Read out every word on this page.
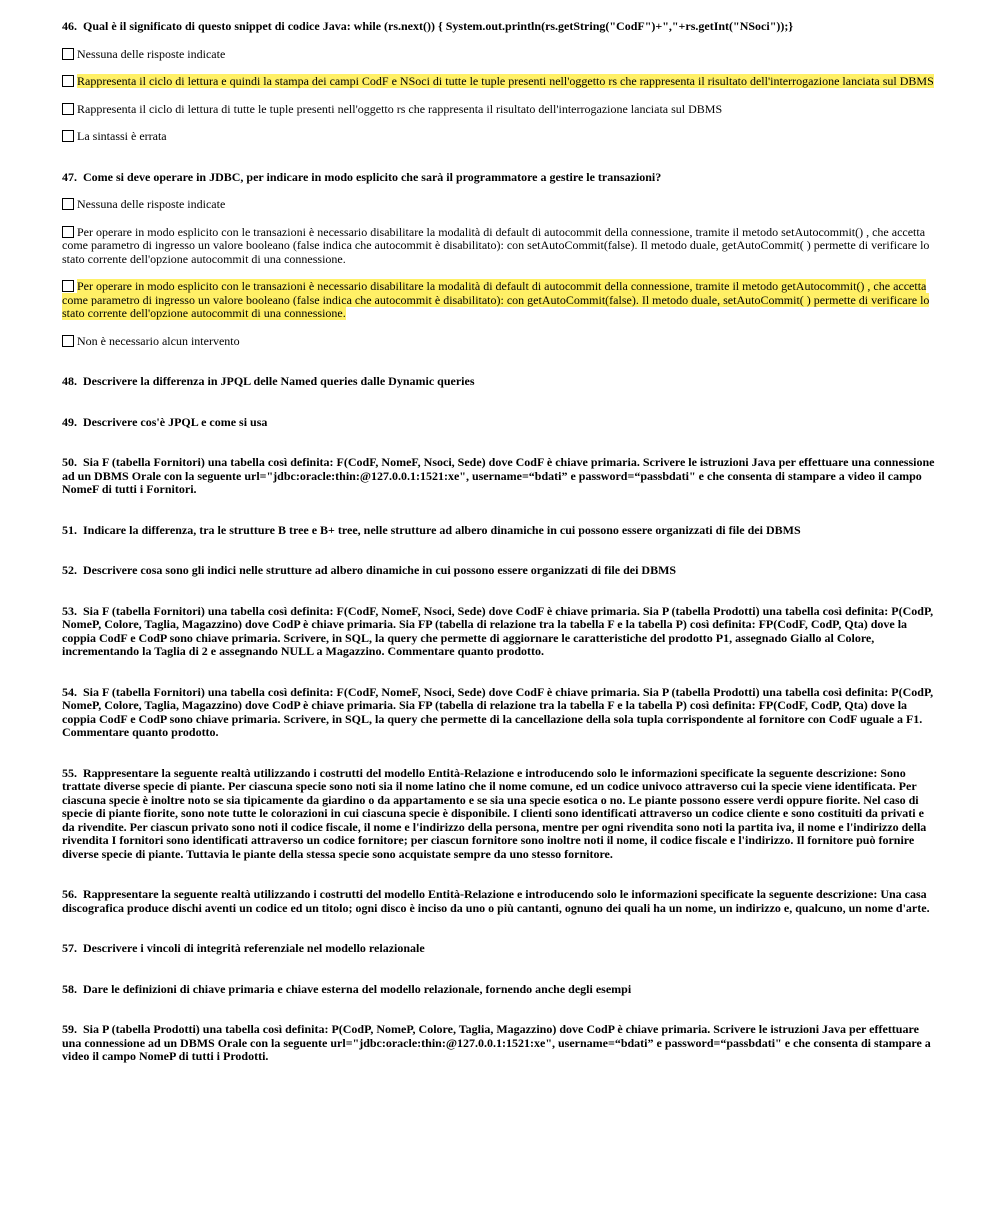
46. Qual è il significato di questo snippet di codice Java: while (rs.next()) { System.out.println(rs.getString("CodF")+","+rs.getInt("NSoci"));}

Nessuna delle risposte indicate
Rappresenta il ciclo di lettura e quindi la stampa dei campi CodF e NSoci di tutte le tuple presenti nell'oggetto rs che rappresenta il risultato dell'interrogazione lanciata sul DBMS
Rappresenta il ciclo di lettura di tutte le tuple presenti nell'oggetto rs che rappresenta il risultato dell'interrogazione lanciata sul DBMS
La sintassi è errata

47. Come si deve operare in JDBC, per indicare in modo esplicito che sarà il programmatore a gestire le transazioni?

Nessuna delle risposte indicate
Per operare in modo esplicito con le transazioni è necessario disabilitare la modalità di default di autocommit della connessione, tramite il metodo setAutocommit() , che accetta come parametro di ingresso un valore booleano (false indica che autocommit è disabilitato): con setAutoCommit(false). Il metodo duale, getAutoCommit( ) permette di verificare lo stato corrente dell'opzione autocommit di una connessione.
Per operare in modo esplicito con le transazioni è necessario disabilitare la modalità di default di autocommit della connessione, tramite il metodo getAutocommit() , che accetta come parametro di ingresso un valore booleano (false indica che autocommit è disabilitato): con getAutoCommit(false). Il metodo duale, setAutoCommit( ) permette di verificare lo stato corrente dell'opzione autocommit di una connessione.
Non è necessario alcun intervento

48. Descrivere la differenza in JPQL delle Named queries dalle Dynamic queries

49. Descrivere cos'è JPQL e come si usa

50. Sia F (tabella Fornitori) una tabella così definita: F(CodF, NomeF, Nsoci, Sede) dove CodF è chiave primaria. Scrivere le istruzioni Java per effettuare una connessione ad un DBMS Orale con la seguente url="jdbc:oracle:thin:@127.0.0.1:1521:xe", username=“bdati” e password=“passbdati" e che consenta di stampare a video il campo NomeF di tutti i Fornitori.

51. Indicare la differenza, tra le strutture B tree e B+ tree, nelle strutture ad albero dinamiche in cui possono essere organizzati di file dei DBMS

52. Descrivere cosa sono gli indici nelle strutture ad albero dinamiche in cui possono essere organizzati di file dei DBMS

53. Sia F (tabella Fornitori) una tabella così definita: F(CodF, NomeF, Nsoci, Sede) dove CodF è chiave primaria. Sia P (tabella Prodotti) una tabella così definita: P(CodP, NomeP, Colore, Taglia, Magazzino) dove CodP è chiave primaria. Sia FP (tabella di relazione tra la tabella F e la tabella P) così definita: FP(CodF, CodP, Qta) dove la coppia CodF e CodP sono chiave primaria. Scrivere, in SQL, la query che permette di aggiornare le caratteristiche del prodotto P1, assegnado Giallo al Colore, incrementando la Taglia di 2 e assegnando NULL a Magazzino. Commentare quanto prodotto.

54. Sia F (tabella Fornitori) una tabella così definita: F(CodF, NomeF, Nsoci, Sede) dove CodF è chiave primaria. Sia P (tabella Prodotti) una tabella così definita: P(CodP, NomeP, Colore, Taglia, Magazzino) dove CodP è chiave primaria. Sia FP (tabella di relazione tra la tabella F e la tabella P) così definita: FP(CodF, CodP, Qta) dove la coppia CodF e CodP sono chiave primaria. Scrivere, in SQL, la query che permette di la cancellazione della sola tupla corrispondente al fornitore con CodF uguale a F1. Commentare quanto prodotto.

55. Rappresentare la seguente realtà utilizzando i costrutti del modello Entità-Relazione e introducendo solo le informazioni specificate la seguente descrizione: Sono trattate diverse specie di piante. Per ciascuna specie sono noti sia il nome latino che il nome comune, ed un codice univoco attraverso cui la specie viene identificata. Per ciascuna specie è inoltre noto se sia tipicamente da giardino o da appartamento e se sia una specie esotica o no. Le piante possono essere verdi oppure fiorite. Nel caso di specie di piante fiorite, sono note tutte le colorazioni in cui ciascuna specie è disponibile. I clienti sono identificati attraverso un codice cliente e sono costituiti da privati e da rivendite. Per ciascun privato sono noti il codice fiscale, il nome e l'indirizzo della persona, mentre per ogni rivendita sono noti la partita iva, il nome e l'indirizzo della rivendita I fornitori sono identificati attraverso un codice fornitore; per ciascun fornitore sono inoltre noti il nome, il codice fiscale e l'indirizzo. Il fornitore può fornire diverse specie di piante. Tuttavia le piante della stessa specie sono acquistate sempre da uno stesso fornitore.

56. Rappresentare la seguente realtà utilizzando i costrutti del modello Entità-Relazione e introducendo solo le informazioni specificate la seguente descrizione: Una casa discografica produce dischi aventi un codice ed un titolo; ogni disco è inciso da uno o più cantanti, ognuno dei quali ha un nome, un indirizzo e, qualcuno, un nome d'arte.

57. Descrivere i vincoli di integrità referenziale nel modello relazionale

58. Dare le definizioni di chiave primaria e chiave esterna del modello relazionale, fornendo anche degli esempi

59. Sia P (tabella Prodotti) una tabella così definita: P(CodP, NomeP, Colore, Taglia, Magazzino) dove CodP è chiave primaria. Scrivere le istruzioni Java per effettuare una connessione ad un DBMS Orale con la seguente url="jdbc:oracle:thin:@127.0.0.1:1521:xe", username=“bdati” e password=“passbdati" e che consenta di stampare a video il campo NomeP di tutti i Prodotti.
